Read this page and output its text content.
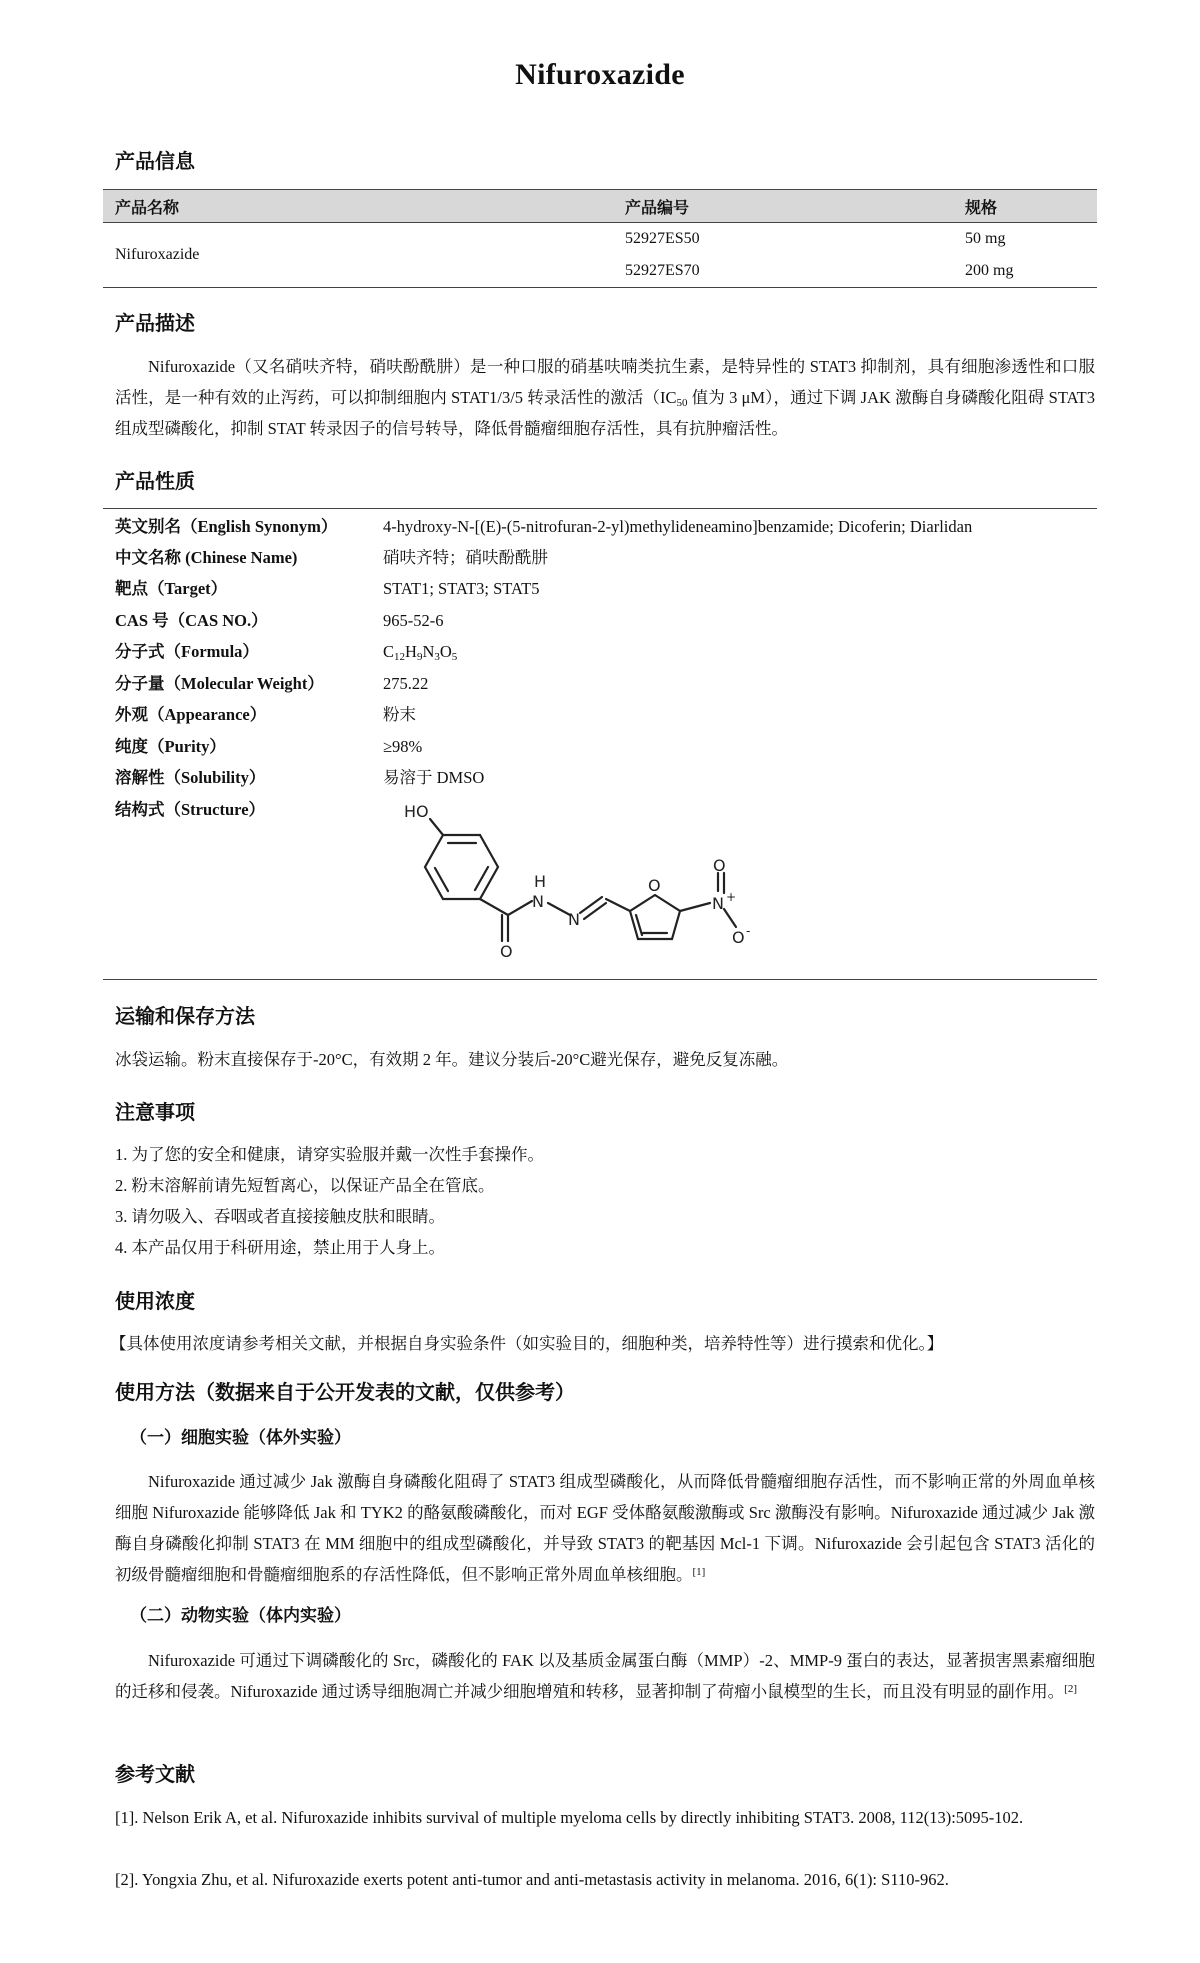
Nifuroxazide
产品信息
产品名称	产品编号	规格
Nifuroxazide	52927ES50	50 mg
	52927ES70	200 mg
产品描述
Nifuroxazide（又名硝呋齐特，硝呋酚酰肼）是一种口服的硝基呋喃类抗生素，是特异性的 STAT3 抑制剂，具有细胞渗透性和口服活性，是一种有效的止泻药，可以抑制细胞内 STAT1/3/5 转录活性的激活（$IC_{50}$ 值为 3 μM），通过下调 JAK 激酶自身磷酸化阻碍 STAT3 组成型磷酸化，抑制 STAT 转录因子的信号转导，降低骨髓瘤细胞存活性，具有抗肿瘤活性。
产品性质
英文别名（English Synonym）	4-hydroxy-N-[(E)-(5-nitrofuran-2-yl)methylideneamino]benzamide; Dicoferin; Diarlidan
中文名称 (Chinese Name)	硝呋齐特；硝呋酚酰肼
靶点（Target）	STAT1; STAT3; STAT5
CAS 号（CAS NO.）	965-52-6
分子式（Formula）	$C_{12}H_9N_3O_5$
分子量（Molecular Weight）	275.22
外观（Appearance）	粉末
纯度（Purity）	≥98%
溶解性（Solubility）	易溶于 DMSO
结构式（Structure）	HO
H
N
N
O
O
N +
O
O -
运输和保存方法
冰袋运输。粉末直接保存于-20°C，有效期 2 年。建议分装后-20°C避光保存，避免反复冻融。
注意事项
1. 为了您的安全和健康，请穿实验服并戴一次性手套操作。
2. 粉末溶解前请先短暂离心，以保证产品全在管底。
3. 请勿吸入、吞咽或者直接接触皮肤和眼睛。
4. 本产品仅用于科研用途，禁止用于人身上。
使用浓度
【具体使用浓度请参考相关文献，并根据自身实验条件（如实验目的，细胞种类，培养特性等）进行摸索和优化。】
使用方法（数据来自于公开发表的文献，仅供参考）
（一）细胞实验（体外实验）
Nifuroxazide 通过减少 Jak 激酶自身磷酸化阻碍了 STAT3 组成型磷酸化，从而降低骨髓瘤细胞存活性，而不影响正常的外周血单核细胞 Nifuroxazide 能够降低 Jak 和 TYK2 的酪氨酸磷酸化，而对 EGF 受体酪氨酸激酶或 Src 激酶没有影响。Nifuroxazide 通过减少 Jak 激酶自身磷酸化抑制 STAT3 在 MM 细胞中的组成型磷酸化，并导致 STAT3 的靶基因 Mcl-1 下调。Nifuroxazide 会引起包含 STAT3 活化的初级骨髓瘤细胞和骨髓瘤细胞系的存活性降低，但不影响正常外周血单核细胞。[1]
（二）动物实验（体内实验）
Nifuroxazide 可通过下调磷酸化的 Src，磷酸化的 FAK 以及基质金属蛋白酶（MMP）-2、MMP-9 蛋白的表达，显著损害黑素瘤细胞的迁移和侵袭。Nifuroxazide 通过诱导细胞凋亡并减少细胞增殖和转移，显著抑制了荷瘤小鼠模型的生长，而且没有明显的副作用。[2]
参考文献
[1]. Nelson Erik A, et al. Nifuroxazide inhibits survival of multiple myeloma cells by directly inhibiting STAT3. 2008, 112(13):5095-102.
[2]. Yongxia Zhu, et al. Nifuroxazide exerts potent anti-tumor and anti-metastasis activity in melanoma. 2016, 6(1): S110-962.
